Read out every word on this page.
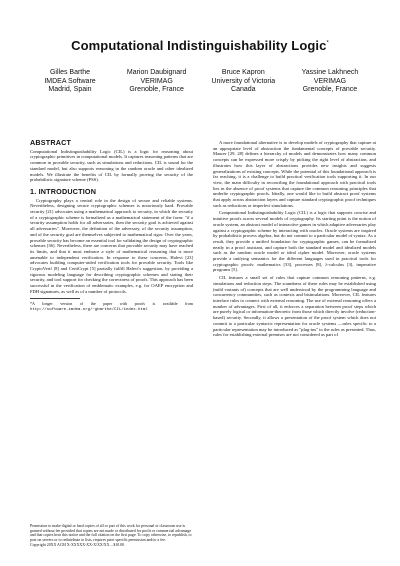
Computational Indistinguishability Logic*
Gilles Barthe
IMDEA Software
Madrid, Spain
Marion Daubignard
VERIMAG
Grenoble, France
Bruce Kapron
University of Victoria
Canada
Yassine Lakhnech
VERIMAG
Grenoble, France
ABSTRACT

Computational Indistinguishability Logic (CIL) is a logic for reasoning about cryptographic primitives in computational models. It captures reasoning patterns that are common in provable security, such as simulations and reductions. CIL is sound for the standard model, but also supports reasoning in the random oracle and other idealized models. We illustrate the benefits of CIL by formally proving the security of the probabilistic signature scheme (PSS).

1. INTRODUCTION

Cryptography plays a central role in the design of secure and reliable systems. Nevertheless, designing secure cryptographic schemes is notoriously hard. Provable security [21] advocates using a mathematical approach to security, in which the security of a cryptographic scheme is formalized as a mathematical statement of the form: "if a security assumption holds for all adversaries, then the security goal is achieved against all adversaries". Moreover, the definition of the adversary, of the security assumption, and of the security goal are themselves subjected to mathematical rigor. Over the years, provable security has become an essential tool for validating the design of cryptographic schemes [36]. Nevertheless, there are concerns that provable security may have reached its limits, and that it must embrace a style of mathematical reasoning that is more amenable to independent verification. In response to these concerns, Halevi [23] advocates building computer-aided verification tools for provable security. Tools like CryptoVerif [8] and CertiCrypt [5] partially fulfill Halevi's suggestion, by providing a rigorous modeling language for describing cryptographic schemes and stating their security, and tool support for checking the correctness of proofs. This approach has been successful in the verification of emblematic examples, e.g. for OAEP encryption and FDH signatures, as well as of a number of protocols.

*A longer version of the paper with proofs is available from http://software.imdea.org/~gbarthe/CIL/index.html
Permission to make digital or hard copies of all or part of this work for personal or classroom use is granted without fee provided that copies are not made or distributed for profit or commercial advantage and that copies bear this notice and the full citation on the first page. To copy otherwise, to republish, to post on servers or to redistribute to lists, requires prior specific permission and/or a fee.
Copyright 20XX ACM X-XXXXX-XX-X/XX/XX ...$10.00.

A more foundational alternative is to develop models of cryptography that capture at an appropriate level of abstraction the fundamental concepts of provable security. Maurer [29, 28] defines a hierarchy of models and demonstrates how many common concepts can be expressed more crisply by picking the right level of abstraction, and illustrates how this layer of abstractions provides new insights and suggests generalizations of existing concepts. While the potential of this foundational approach is far reaching, it is a challenge to build practical verification tools supporting it. In our view, the main difficulty in reconciling the foundational approach with practical tools lies in the absence of proof systems that capture the common reasoning principles that underlie cryptographic proofs. Ideally, one would like to build abstract proof systems that apply across abstraction layers and capture standard cryptographic proof techniques such as reductions or imperfect simulations.

Computational Indistinguishability Logic (CIL) is a logic that supports concise and intuitive proofs across several models of cryptography. Its starting point is the notion of oracle system, an abstract model of interactive games in which adaptive adversaries play against a cryptographic scheme by interacting with oracles. Oracle systems are inspired by probabilistic process algebra, but do not commit to a particular model of syntax. As a result, they provide a unified foundation for cryptographic games, can be formalized neatly in a proof assistant, and capture both the standard model and idealized models such as the random oracle model or ideal cipher model. Moreover, oracle systems provide a unifying semantics for the different languages used in practical tools for cryptographic proofs: mathematics [33], processes [8], λ-calculus [3], imperative programs [5].

CIL features a small set of rules that capture common reasoning patterns, e.g. simulations and reduction steps. The soundness of these rules may be established using (mild variants of) concepts that are well understood by the programming language and concurrency communities, such as contexts and bisimulations. Moreover, CIL features interface rules to connect with external reasoning. The use of external reasoning offers a number of advantages. First of all, it enforces a separation between proof steps which are purely logical or information-theoretic from those which directly involve (reduction-based) security. Secondly, it allows a presentation of the proof system which does not commit to a particular syntactic representation for oracle systems —rules specific to a particular representation may be introduced as "plug-ins" to the rules as presented. Thus, rules for establishing external premises are not considered as part of
